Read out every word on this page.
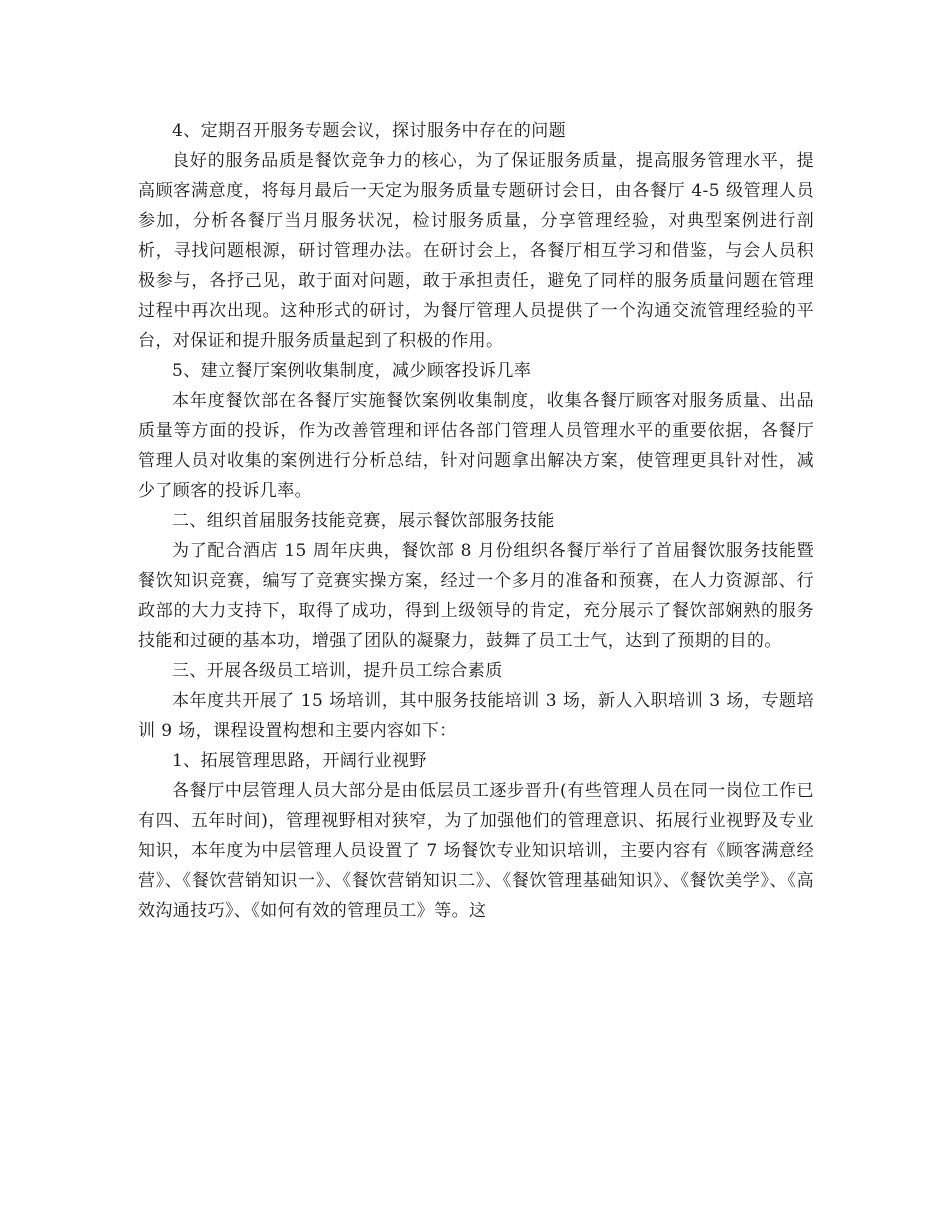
4、定期召开服务专题会议，探讨服务中存在的问题

良好的服务品质是餐饮竞争力的核心，为了保证服务质量，提高服务管理水平，提高顾客满意度，将每月最后一天定为服务质量专题研讨会日，由各餐厅 4-5 级管理人员参加，分析各餐厅当月服务状况，检讨服务质量，分享管理经验，对典型案例进行剖析，寻找问题根源，研讨管理办法。在研讨会上，各餐厅相互学习和借鉴，与会人员积极参与，各抒己见，敢于面对问题，敢于承担责任，避免了同样的服务质量问题在管理过程中再次出现。这种形式的研讨，为餐厅管理人员提供了一个沟通交流管理经验的平台，对保证和提升服务质量起到了积极的作用。

5、建立餐厅案例收集制度，减少顾客投诉几率

本年度餐饮部在各餐厅实施餐饮案例收集制度，收集各餐厅顾客对服务质量、出品质量等方面的投诉，作为改善管理和评估各部门管理人员管理水平的重要依据，各餐厅管理人员对收集的案例进行分析总结，针对问题拿出解决方案，使管理更具针对性，减少了顾客的投诉几率。

二、组织首届服务技能竞赛，展示餐饮部服务技能

为了配合酒店 15 周年庆典，餐饮部 8 月份组织各餐厅举行了首届餐饮服务技能暨餐饮知识竞赛，编写了竞赛实操方案，经过一个多月的准备和预赛，在人力资源部、行政部的大力支持下，取得了成功，得到上级领导的肯定，充分展示了餐饮部娴熟的服务技能和过硬的基本功，增强了团队的凝聚力，鼓舞了员工士气，达到了预期的目的。

三、开展各级员工培训，提升员工综合素质

本年度共开展了 15 场培训，其中服务技能培训 3 场，新人入职培训 3 场，专题培训 9 场，课程设置构想和主要内容如下：

1、拓展管理思路，开阔行业视野

各餐厅中层管理人员大部分是由低层员工逐步晋升(有些管理人员在同一岗位工作已有四、五年时间)，管理视野相对狭窄，为了加强他们的管理意识、拓展行业视野及专业知识，本年度为中层管理人员设置了 7 场餐饮专业知识培训，主要内容有《顾客满意经营》、《餐饮营销知识一》、《餐饮营销知识二》、《餐饮管理基础知识》、《餐饮美学》、《高效沟通技巧》、《如何有效的管理员工》等。这
